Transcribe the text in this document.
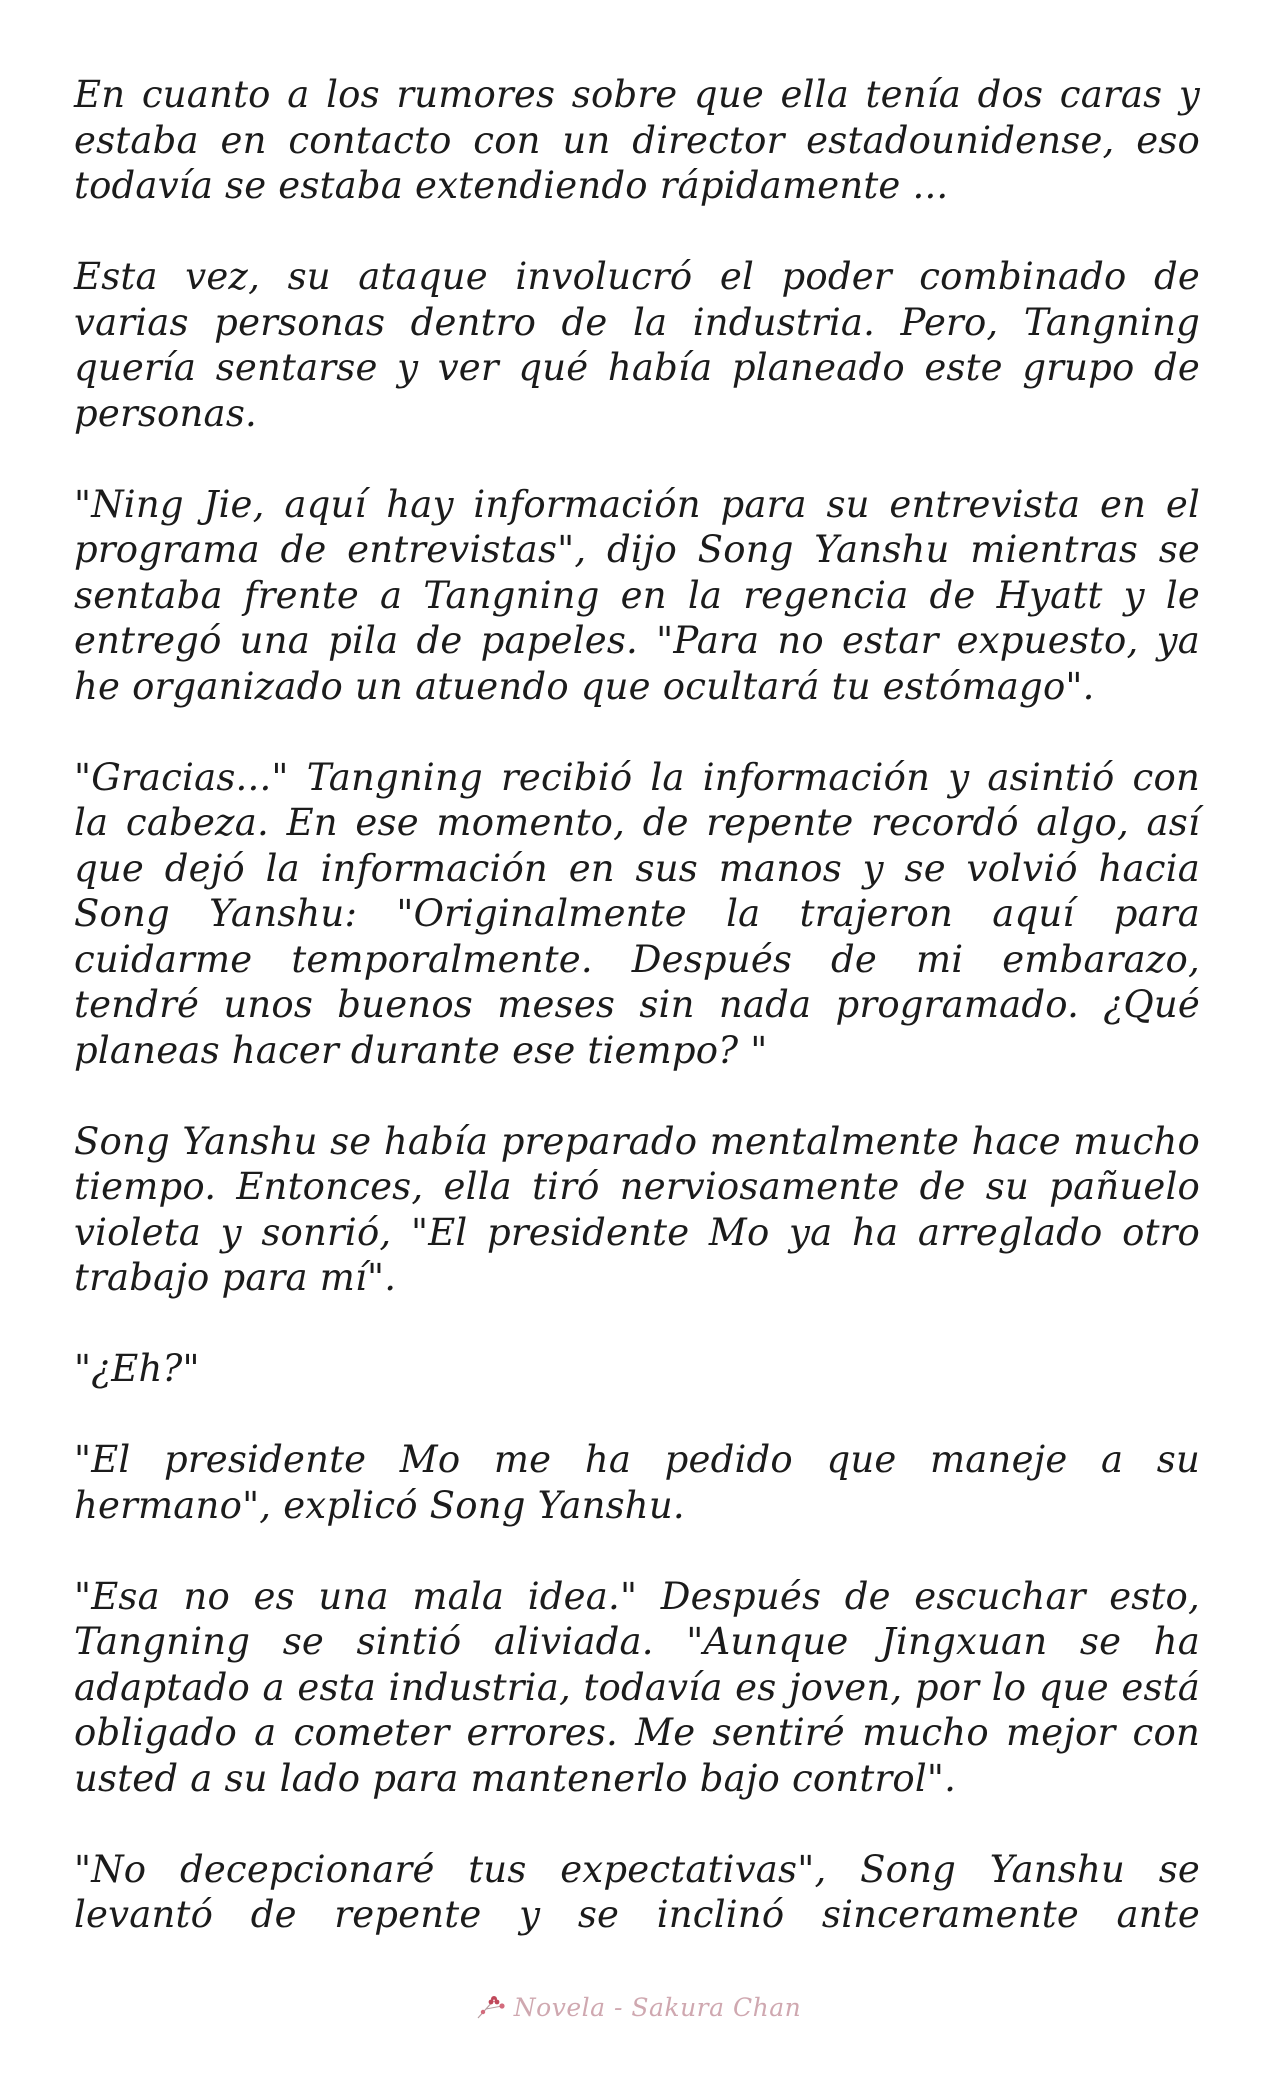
En cuanto a los rumores sobre que ella tenía dos caras y estaba en contacto con un director estadounidense, eso todavía se estaba extendiendo rápidamente ...

Esta vez, su ataque involucró el poder combinado de varias personas dentro de la industria. Pero, Tangning quería sentarse y ver qué había planeado este grupo de personas.

"Ning Jie, aquí hay información para su entrevista en el programa de entrevistas", dijo Song Yanshu mientras se sentaba frente a Tangning en la regencia de Hyatt y le entregó una pila de papeles. "Para no estar expuesto, ya he organizado un atuendo que ocultará tu estómago".

"Gracias..." Tangning recibió la información y asintió con la cabeza. En ese momento, de repente recordó algo, así que dejó la información en sus manos y se volvió hacia Song Yanshu: "Originalmente la trajeron aquí para cuidarme temporalmente. Después de mi embarazo, tendré unos buenos meses sin nada programado. ¿Qué planeas hacer durante ese tiempo? "

Song Yanshu se había preparado mentalmente hace mucho tiempo. Entonces, ella tiró nerviosamente de su pañuelo violeta y sonrió, "El presidente Mo ya ha arreglado otro trabajo para mí".

"¿Eh?"

"El presidente Mo me ha pedido que maneje a su hermano", explicó Song Yanshu.

"Esa no es una mala idea." Después de escuchar esto, Tangning se sintió aliviada. "Aunque Jingxuan se ha adaptado a esta industria, todavía es joven, por lo que está obligado a cometer errores. Me sentiré mucho mejor con usted a su lado para mantenerlo bajo control".

"No decepcionaré tus expectativas", Song Yanshu se levantó de repente y se inclinó sinceramente ante

Novela - Sakura Chan
